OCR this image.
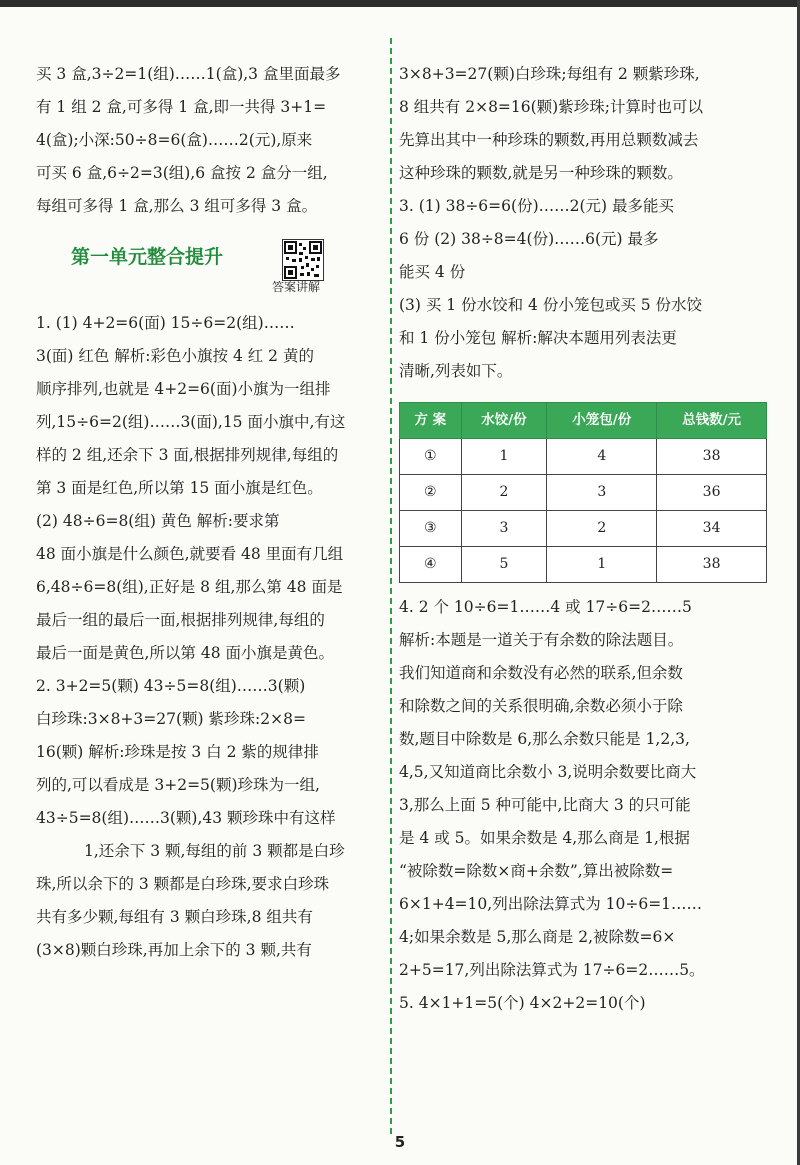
买 3 盒,3÷2=1(组)……1(盒),3 盒里面最多
有 1 组 2 盒,可多得 1 盒,即一共得 3+1=
4(盒);小深:50÷8=6(盒)……2(元),原来
可买 6 盒,6÷2=3(组),6 盒按 2 盒分一组,
每组可多得 1 盒,那么 3 组可多得 3 盒。
第一单元整合提升
答案讲解
1. (1) 4+2=6(面) 15÷6=2(组)……
3(面) 红色 解析:彩色小旗按 4 红 2 黄的
顺序排列,也就是 4+2=6(面)小旗为一组排
列,15÷6=2(组)……3(面),15 面小旗中,有这
样的 2 组,还余下 3 面,根据排列规律,每组的
第 3 面是红色,所以第 15 面小旗是红色。
(2) 48÷6=8(组) 黄色 解析:要求第
48 面小旗是什么颜色,就要看 48 里面有几组
6,48÷6=8(组),正好是 8 组,那么第 48 面是
最后一组的最后一面,根据排列规律,每组的
最后一面是黄色,所以第 48 面小旗是黄色。
2. 3+2=5(颗) 43÷5=8(组)……3(颗)
白珍珠:3×8+3=27(颗) 紫珍珠:2×8=
16(颗) 解析:珍珠是按 3 白 2 紫的规律排
列的,可以看成是 3+2=5(颗)珍珠为一组,
43÷5=8(组)……3(颗),43 颗珍珠中有这样
1,还余下 3 颗,每组的前 3 颗都是白珍
珠,所以余下的 3 颗都是白珍珠,要求白珍珠
共有多少颗,每组有 3 颗白珍珠,8 组共有
(3×8)颗白珍珠,再加上余下的 3 颗,共有
3×8+3=27(颗)白珍珠;每组有 2 颗紫珍珠,
8 组共有 2×8=16(颗)紫珍珠;计算时也可以
先算出其中一种珍珠的颗数,再用总颗数减去
这种珍珠的颗数,就是另一种珍珠的颗数。
3. (1) 38÷6=6(份)……2(元) 最多能买
6 份 (2) 38÷8=4(份)……6(元) 最多
能买 4 份
(3) 买 1 份水饺和 4 份小笼包或买 5 份水饺
和 1 份小笼包 解析:解决本题用列表法更
清晰,列表如下。
方 案	水饺/份	小笼包/份	总钱数/元
①	1	4	38
②	2	3	36
③	3	2	34
④	5	1	38
4. 2 个 10÷6=1……4 或 17÷6=2……5
解析:本题是一道关于有余数的除法题目。
我们知道商和余数没有必然的联系,但余数
和除数之间的关系很明确,余数必须小于除
数,题目中除数是 6,那么余数只能是 1,2,3,
4,5,又知道商比余数小 3,说明余数要比商大
3,那么上面 5 种可能中,比商大 3 的只可能
是 4 或 5。如果余数是 4,那么商是 1,根据
“被除数=除数×商+余数”,算出被除数=
6×1+4=10,列出除法算式为 10÷6=1……
4;如果余数是 5,那么商是 2,被除数=6×
2+5=17,列出除法算式为 17÷6=2……5。
5. 4×1+1=5(个) 4×2+2=10(个)
5
